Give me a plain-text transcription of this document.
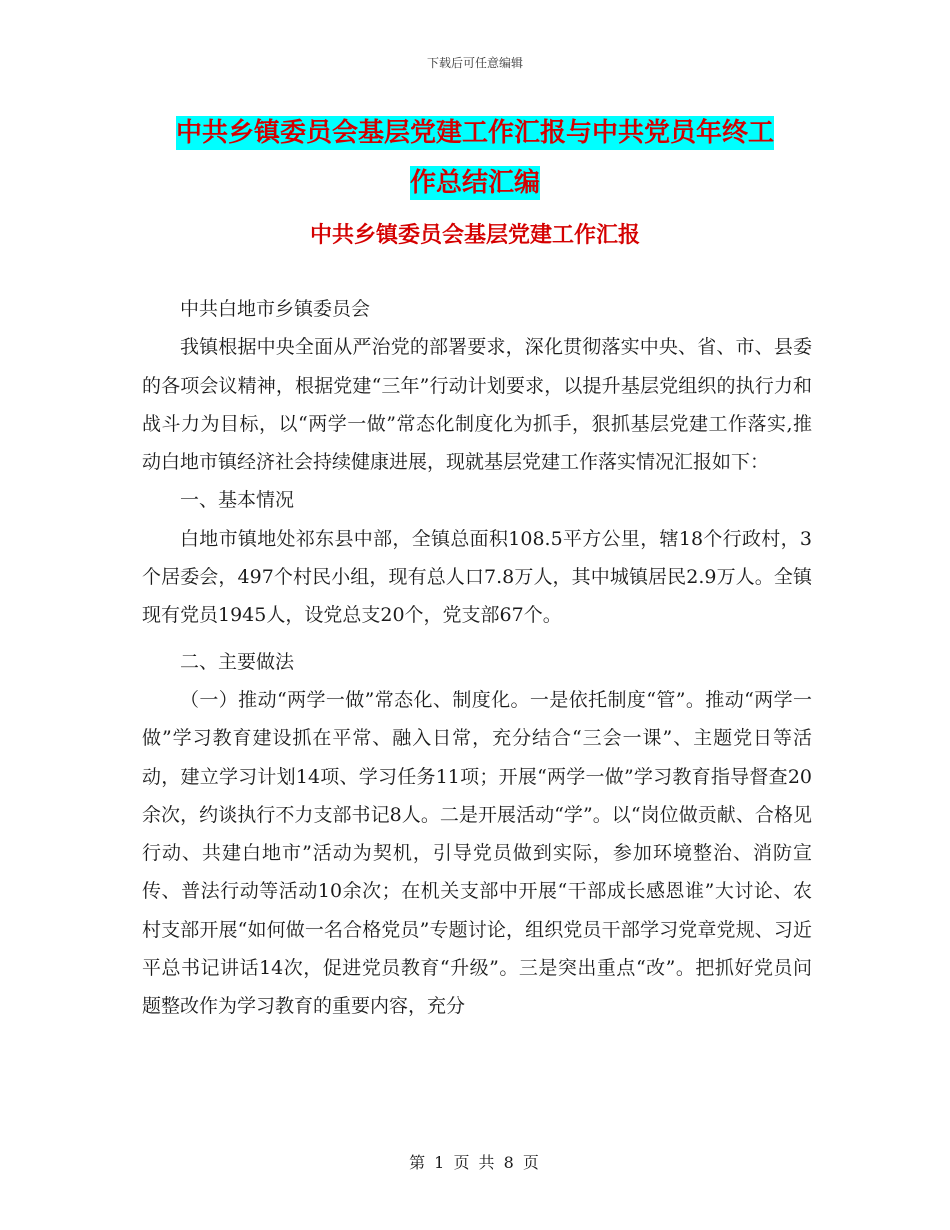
下载后可任意编辑
中共乡镇委员会基层党建工作汇报与中共党员年终工
作总结汇编
中共乡镇委员会基层党建工作汇报

中共白地市乡镇委员会

我镇根据中央全面从严治党的部署要求，深化贯彻落实中央、省、市、县委的各项会议精神，根据党建“三年”行动计划要求，以提升基层党组织的执行力和战斗力为目标，以“两学一做”常态化制度化为抓手，狠抓基层党建工作落实,推动白地市镇经济社会持续健康进展，现就基层党建工作落实情况汇报如下：

一、基本情况

白地市镇地处祁东县中部，全镇总面积108.5平方公里，辖18个行政村，3个居委会，497个村民小组，现有总人口7.8万人，其中城镇居民2.9万人。全镇现有党员1945人，设党总支20个，党支部67个。

二、主要做法

（一）推动“两学一做”常态化、制度化。一是依托制度“管”。推动“两学一做”学习教育建设抓在平常、融入日常，充分结合“三会一课”、主题党日等活动，建立学习计划14项、学习任务11项；开展“两学一做”学习教育指导督查20余次，约谈执行不力支部书记8人。二是开展活动“学”。以“岗位做贡献、合格见行动、共建白地市”活动为契机，引导党员做到实际，参加环境整治、消防宣传、普法行动等活动10余次；在机关支部中开展“干部成长感恩谁”大讨论、农村支部开展“如何做一名合格党员”专题讨论，组织党员干部学习党章党规、习近平总书记讲话14次，促进党员教育“升级”。三是突出重点“改”。把抓好党员问题整改作为学习教育的重要内容，充分

第 1 页 共 8 页
